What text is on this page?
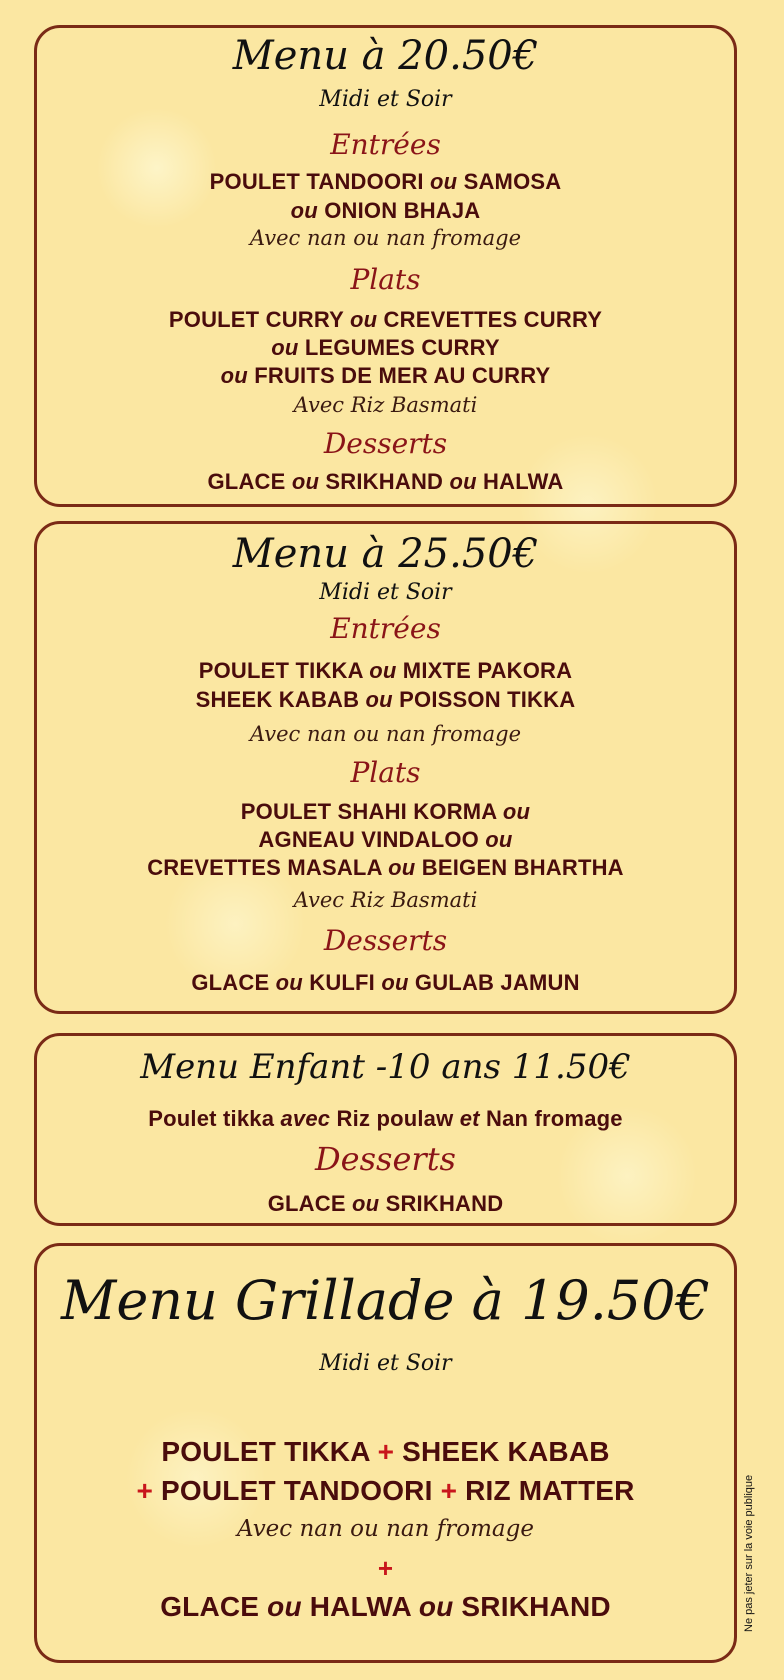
Menu à 20.50€
Midi et Soir
Entrées
POULET TANDOORI ou SAMOSA
ou ONION BHAJA
Avec nan ou nan fromage
Plats
POULET CURRY ou CREVETTES CURRY
ou LEGUMES CURRY
ou FRUITS DE MER AU CURRY
Avec Riz Basmati
Desserts
GLACE ou SRIKHAND ou HALWA
Menu à 25.50€
Midi et Soir
Entrées
POULET TIKKA ou MIXTE PAKORA
SHEEK KABAB ou POISSON TIKKA
Avec nan ou nan fromage
Plats
POULET SHAHI KORMA ou
AGNEAU VINDALOO ou
CREVETTES MASALA ou BEIGEN BHARTHA
Avec Riz Basmati
Desserts
GLACE ou KULFI ou GULAB JAMUN
Menu Enfant -10 ans 11.50€
Poulet tikka avec Riz poulaw et Nan fromage
Desserts
GLACE ou SRIKHAND
Menu Grillade à 19.50€
Midi et Soir
POULET TIKKA + SHEEK KABAB
+ POULET TANDOORI + RIZ MATTER
Avec nan ou nan fromage
+
GLACE ou HALWA ou SRIKHAND	Ne pas jeter sur la voie publique
